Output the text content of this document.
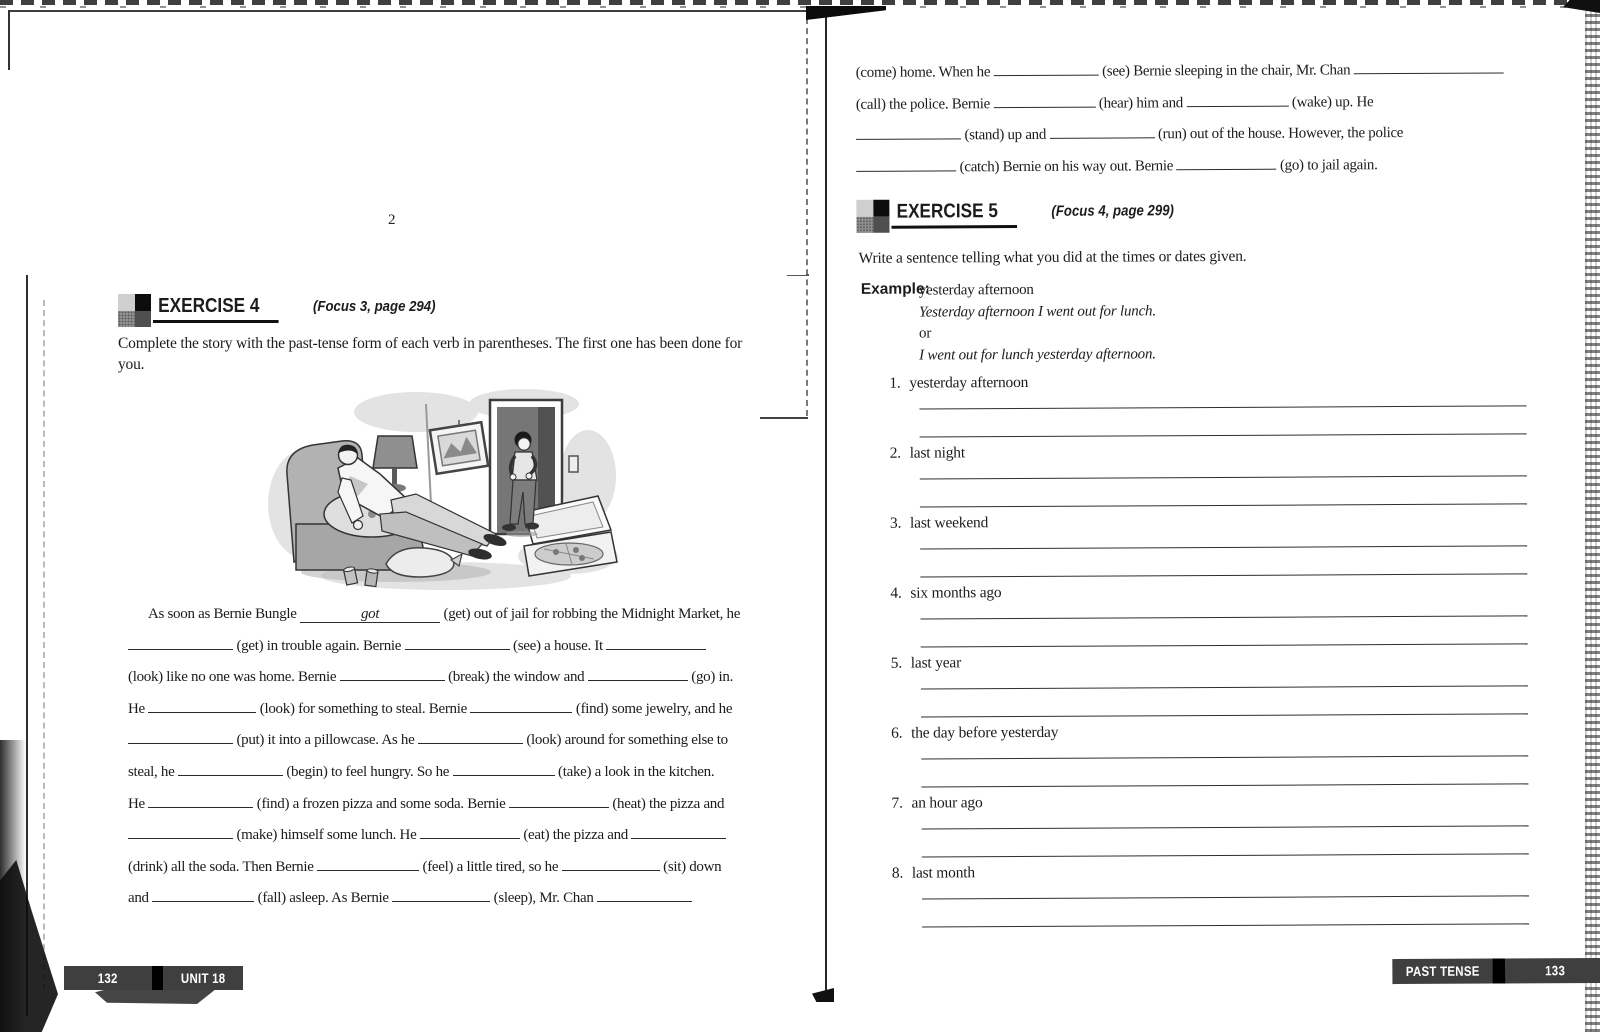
2
EXERCISE 4	(Focus 3, page 294)
Complete the story with the past-tense form of each verb in parentheses. The first one has been done for you.
As soon as Bernie Bungle	got	(get) out of jail for robbing the Midnight Market, he
(get) in trouble again. Bernie	(see) a house. It
(look) like no one was home. Bernie	(break) the window and	(go) in.
He	(look) for something to steal. Bernie	(find) some jewelry, and he
(put) it into a pillowcase. As he	(look) around for something else to
steal, he	(begin) to feel hungry. So he	(take) a look in the kitchen.
He	(find) a frozen pizza and some soda. Bernie	(heat) the pizza and
(make) himself some lunch. He	(eat) the pizza and
(drink) all the soda. Then Bernie	(feel) a little tired, so he	(sit) down
and	(fall) asleep. As Bernie	(sleep), Mr. Chan
132	UNIT 18
(come) home. When he	(see) Bernie sleeping in the chair, Mr. Chan
(call) the police. Bernie	(hear) him and	(wake) up. He
(stand) up and	(run) out of the house. However, the police
(catch) Bernie on his way out. Bernie	(go) to jail again.
EXERCISE 5	(Focus 4, page 299)
Write a sentence telling what you did at the times or dates given.
Example:
yesterday afternoon
Yesterday afternoon I went out for lunch.
or
I went out for lunch yesterday afternoon.
1. yesterday afternoon
2. last night
3. last weekend
4. six months ago
5. last year
6. the day before yesterday
7. an hour ago
8. last month
PAST TENSE	133
